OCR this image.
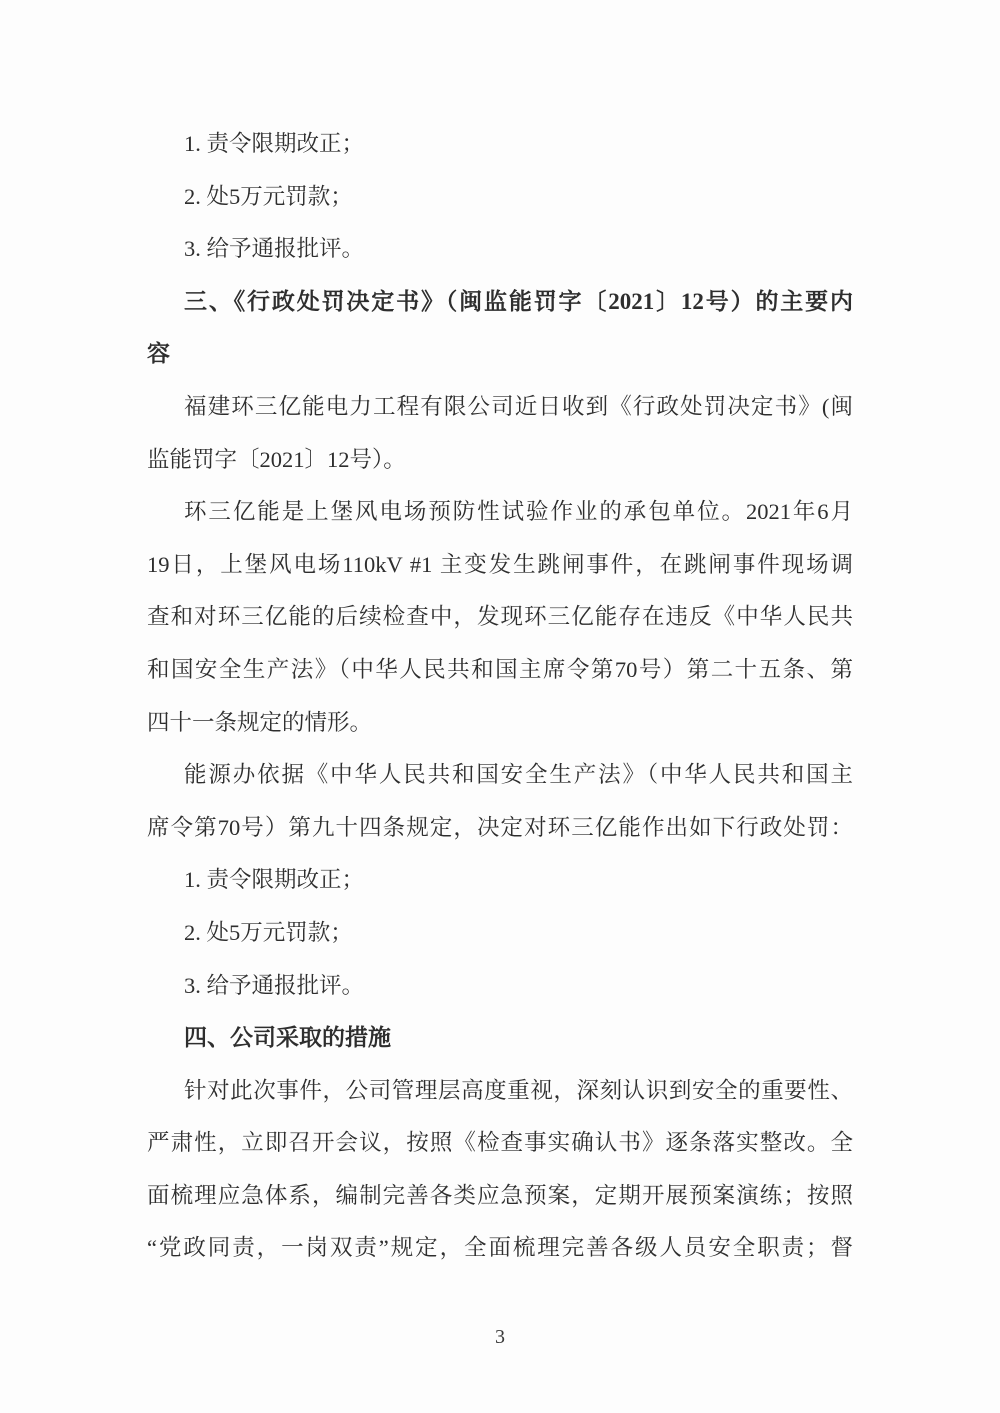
1. 责令限期改正；
2. 处5万元罚款；
3. 给予通报批评。
三、《行政处罚决定书》（闽监能罚字〔2021〕12号）的主要内
容
福建环三亿能电力工程有限公司近日收到《行政处罚决定书》(闽
监能罚字〔2021〕12号）。
环三亿能是上堡风电场预防性试验作业的承包单位。2021年6月
19日，上堡风电场110kV #1 主变发生跳闸事件，在跳闸事件现场调
查和对环三亿能的后续检查中，发现环三亿能存在违反《中华人民共
和国安全生产法》（中华人民共和国主席令第70号）第二十五条、第
四十一条规定的情形。
能源办依据《中华人民共和国安全生产法》（中华人民共和国主
席令第70号）第九十四条规定，决定对环三亿能作出如下行政处罚：
1. 责令限期改正；
2. 处5万元罚款；
3. 给予通报批评。
四、公司采取的措施
针对此次事件，公司管理层高度重视，深刻认识到安全的重要性、
严肃性，立即召开会议，按照《检查事实确认书》逐条落实整改。全
面梳理应急体系，编制完善各类应急预案，定期开展预案演练；按照
“党政同责，一岗双责”规定，全面梳理完善各级人员安全职责；督
3
